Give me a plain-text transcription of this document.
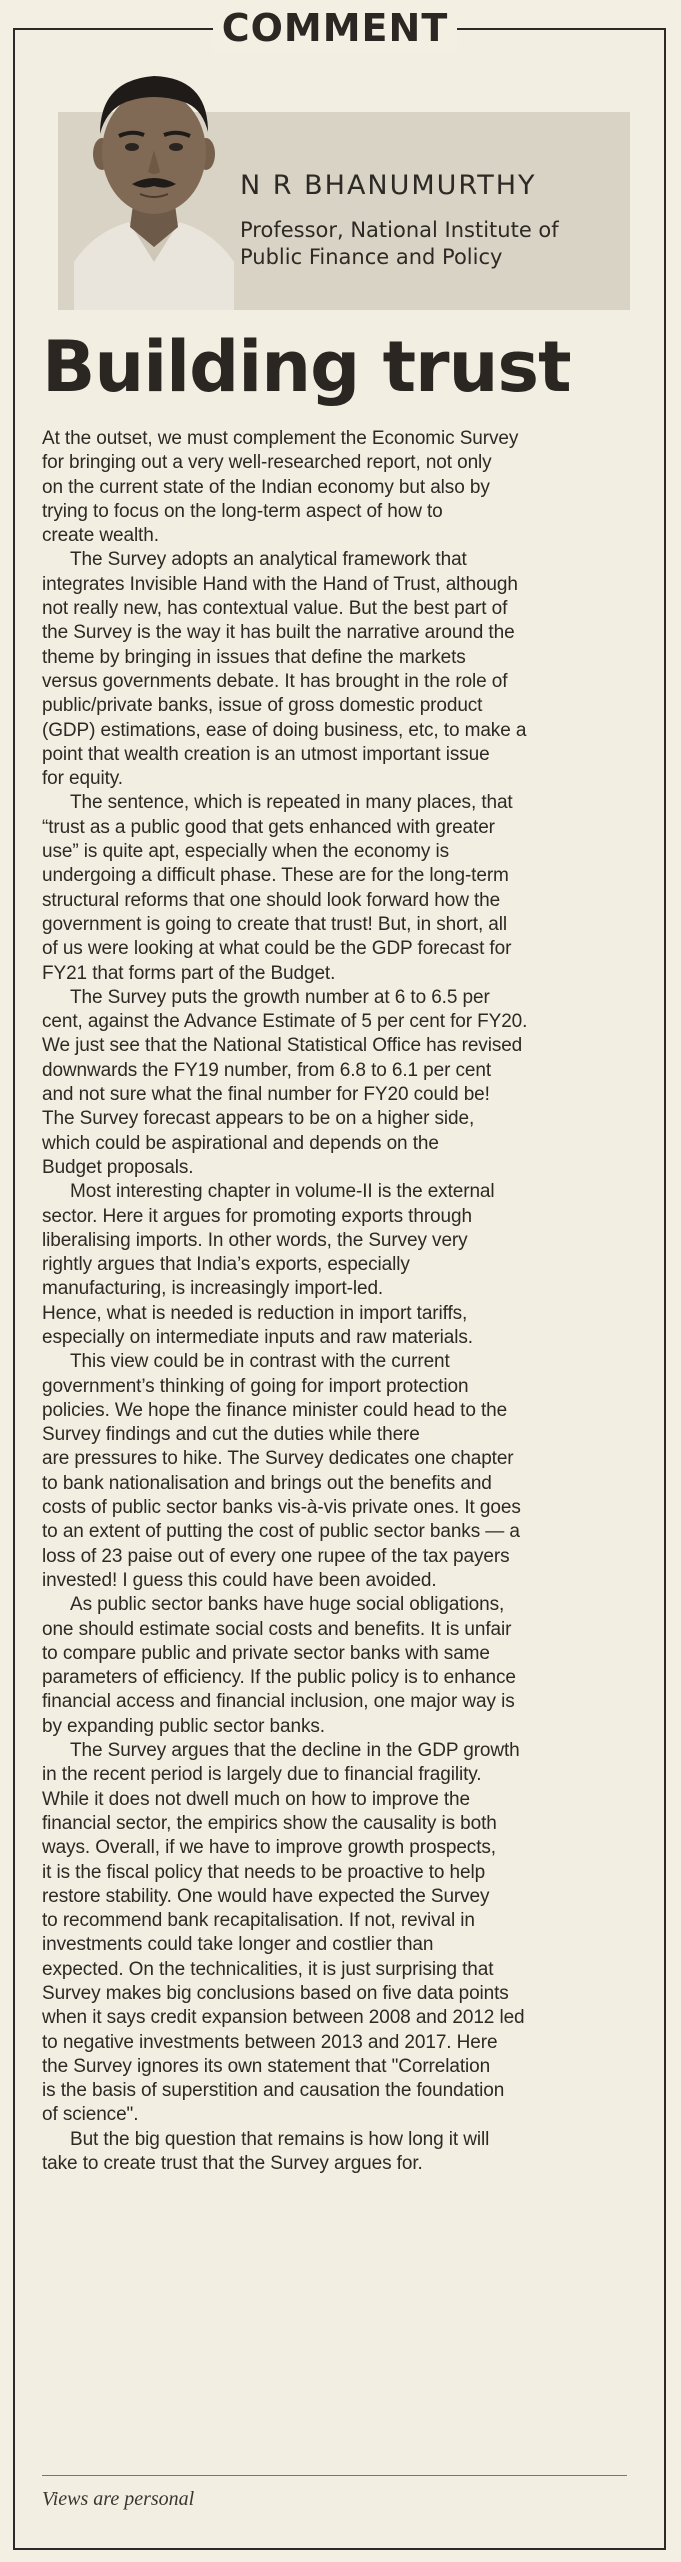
COMMENT
N R BHANUMURTHY
Professor, National Institute of
Public Finance and Policy
Building trust
At the outset, we must complement the Economic Survey
for bringing out a very well-researched report, not only
on the current state of the Indian economy but also by
trying to focus on the long-term aspect of how to
create wealth.
The Survey adopts an analytical framework that
integrates Invisible Hand with the Hand of Trust, although
not really new, has contextual value. But the best part of
the Survey is the way it has built the narrative around the
theme by bringing in issues that define the markets
versus governments debate. It has brought in the role of
public/private banks, issue of gross domestic product
(GDP) estimations, ease of doing business, etc, to make a
point that wealth creation is an utmost important issue
for equity.
The sentence, which is repeated in many places, that
“trust as a public good that gets enhanced with greater
use” is quite apt, especially when the economy is
undergoing a difficult phase. These are for the long-term
structural reforms that one should look forward how the
government is going to create that trust! But, in short, all
of us were looking at what could be the GDP forecast for
FY21 that forms part of the Budget.
The Survey puts the growth number at 6 to 6.5 per
cent, against the Advance Estimate of 5 per cent for FY20.
We just see that the National Statistical Office has revised
downwards the FY19 number, from 6.8 to 6.1 per cent
and not sure what the final number for FY20 could be!
The Survey forecast appears to be on a higher side,
which could be aspirational and depends on the
Budget proposals.
Most interesting chapter in volume-II is the external
sector. Here it argues for promoting exports through
liberalising imports. In other words, the Survey very
rightly argues that India’s exports, especially
manufacturing, is increasingly import-led.
Hence, what is needed is reduction in import tariffs,
especially on intermediate inputs and raw materials.
This view could be in contrast with the current
government’s thinking of going for import protection
policies. We hope the finance minister could head to the
Survey findings and cut the duties while there
are pressures to hike. The Survey dedicates one chapter
to bank nationalisation and brings out the benefits and
costs of public sector banks vis-à-vis private ones. It goes
to an extent of putting the cost of public sector banks — a
loss of 23 paise out of every one rupee of the tax payers
invested! I guess this could have been avoided.
As public sector banks have huge social obligations,
one should estimate social costs and benefits. It is unfair
to compare public and private sector banks with same
parameters of efficiency. If the public policy is to enhance
financial access and financial inclusion, one major way is
by expanding public sector banks.
The Survey argues that the decline in the GDP growth
in the recent period is largely due to financial fragility.
While it does not dwell much on how to improve the
financial sector, the empirics show the causality is both
ways. Overall, if we have to improve growth prospects,
it is the fiscal policy that needs to be proactive to help
restore stability. One would have expected the Survey
to recommend bank recapitalisation. If not, revival in
investments could take longer and costlier than
expected. On the technicalities, it is just surprising that
Survey makes big conclusions based on five data points
when it says credit expansion between 2008 and 2012 led
to negative investments between 2013 and 2017. Here
the Survey ignores its own statement that "Correlation
is the basis of superstition and causation the foundation
of science".
But the big question that remains is how long it will
take to create trust that the Survey argues for.
Views are personal
